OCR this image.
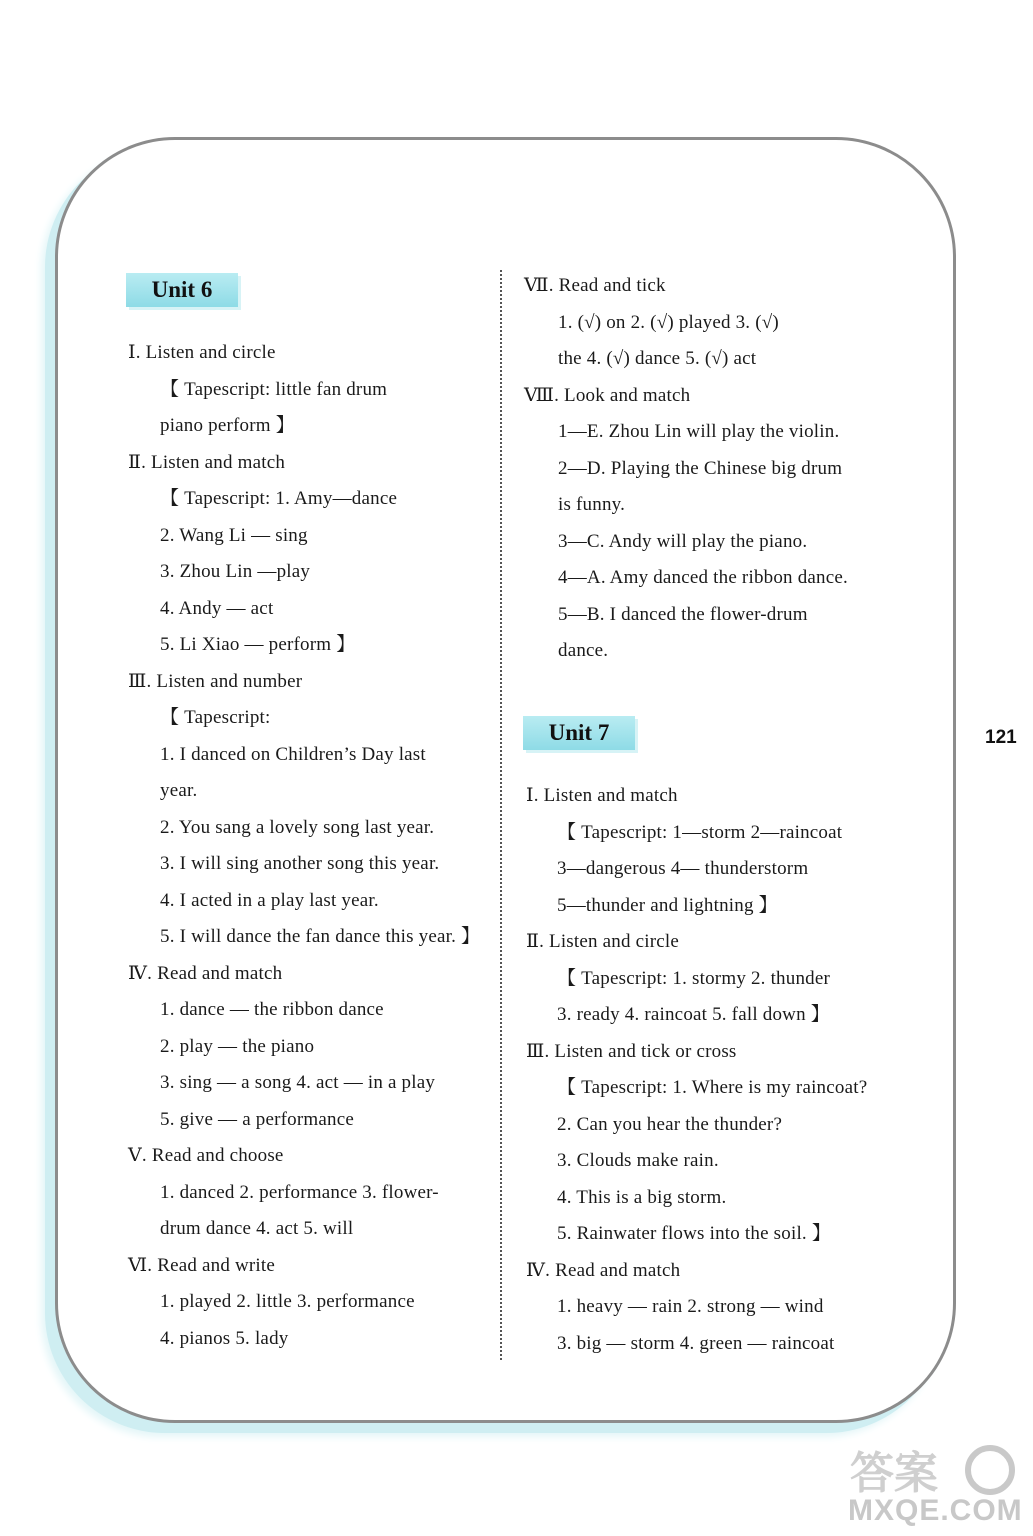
Unit 6
Ⅰ. Listen and circle
【 Tapescript: little fan drum
piano perform 】
Ⅱ. Listen and match
【 Tapescript: 1. Amy—dance
2. Wang Li — sing
3. Zhou Lin —play
4. Andy — act
5. Li Xiao — perform 】
Ⅲ. Listen and number
【 Tapescript:
1. I danced on Children’s Day last
year.
2. You sang a lovely song last year.
3. I will sing another song this year.
4. I acted in a play last year.
5. I will dance the fan dance this year. 】
Ⅳ. Read and match
1. dance — the ribbon dance
2. play — the piano
3. sing — a song 4. act — in a play
5. give — a performance
Ⅴ. Read and choose
1. danced 2. performance 3. flower-
drum dance 4. act 5. will
Ⅵ. Read and write
1. played 2. little 3. performance
4. pianos 5. lady
Ⅶ. Read and tick
1. (√) on 2. (√) played 3. (√)
the 4. (√) dance 5. (√) act
Ⅷ. Look and match
1—E. Zhou Lin will play the violin.
2—D. Playing the Chinese big drum
is funny.
3—C. Andy will play the piano.
4—A. Amy danced the ribbon dance.
5—B. I danced the flower-drum
dance.
Unit 7
Ⅰ. Listen and match
【 Tapescript: 1—storm 2—raincoat
3—dangerous 4— thunderstorm
5—thunder and lightning 】
Ⅱ. Listen and circle
【 Tapescript: 1. stormy 2. thunder
3. ready 4. raincoat 5. fall down 】
Ⅲ. Listen and tick or cross
【 Tapescript: 1. Where is my raincoat?
2. Can you hear the thunder?
3. Clouds make rain.
4. This is a big storm.
5. Rainwater flows into the soil. 】
Ⅳ. Read and match
1. heavy — rain 2. strong — wind
3. big — storm 4. green — raincoat
121
答案
MXQE.COM
